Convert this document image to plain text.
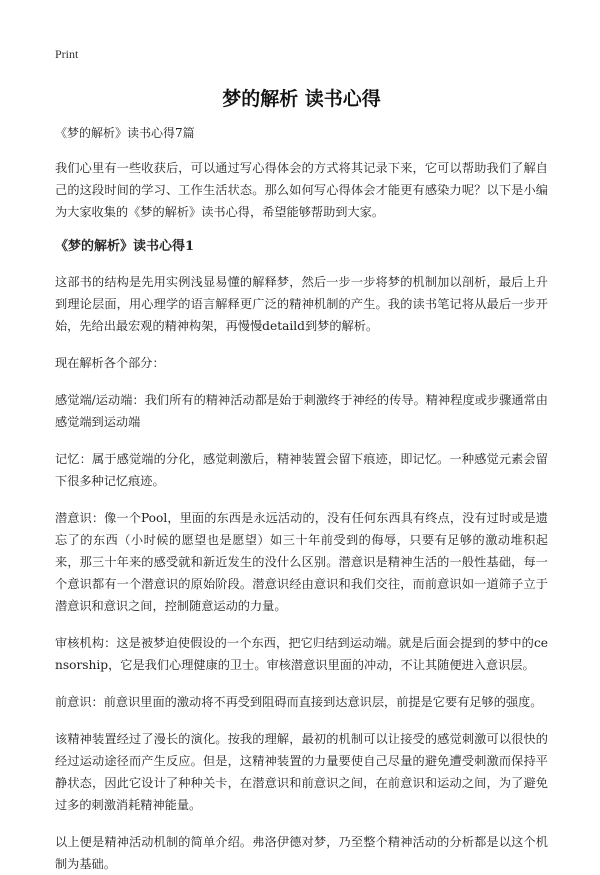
Print
梦的解析 读书心得

《梦的解析》读书心得7篇

我们心里有一些收获后，可以通过写心得体会的方式将其记录下来，它可以帮助我们了解自己的这段时间的学习、工作生活状态。那么如何写心得体会才能更有感染力呢？以下是小编为大家收集的《梦的解析》读书心得，希望能够帮助到大家。

《梦的解析》读书心得1

这部书的结构是先用实例浅显易懂的解释梦，然后一步一步将梦的机制加以剖析，最后上升到理论层面，用心理学的语言解释更广泛的精神机制的产生。我的读书笔记将从最后一步开始，先给出最宏观的精神构架，再慢慢detaild到梦的解析。

现在解析各个部分：

感觉端/运动端：我们所有的精神活动都是始于刺激终于神经的传导。精神程度或步骤通常由感觉端到运动端

记忆：属于感觉端的分化，感觉刺激后，精神装置会留下痕迹，即记忆。一种感觉元素会留下很多种记忆痕迹。

潜意识：像一个Pool，里面的东西是永远活动的，没有任何东西具有终点，没有过时或是遗忘了的东西（小时候的愿望也是愿望）如三十年前受到的侮辱，只要有足够的激动堆积起来，那三十年来的感受就和新近发生的没什么区别。潜意识是精神生活的一般性基础，每一个意识都有一个潜意识的原始阶段。潜意识经由意识和我们交往，而前意识如一道筛子立于潜意识和意识之间，控制随意运动的力量。

审核机构：这是被梦迫使假设的一个东西，把它归结到运动端。就是后面会提到的梦中的censorship，它是我们心理健康的卫士。审核潜意识里面的冲动，不让其随便进入意识层。

前意识：前意识里面的激动将不再受到阻碍而直接到达意识层，前提是它要有足够的强度。

该精神装置经过了漫长的演化。按我的理解，最初的机制可以让接受的感觉刺激可以很快的经过运动途径而产生反应。但是，这精神装置的力量要使自己尽量的避免遭受刺激而保持平静状态，因此它设计了种种关卡，在潜意识和前意识之间，在前意识和运动之间，为了避免过多的刺激消耗精神能量。

以上便是精神活动机制的简单介绍。弗洛伊德对梦，乃至整个精神活动的分析都是以这个机制为基础。
